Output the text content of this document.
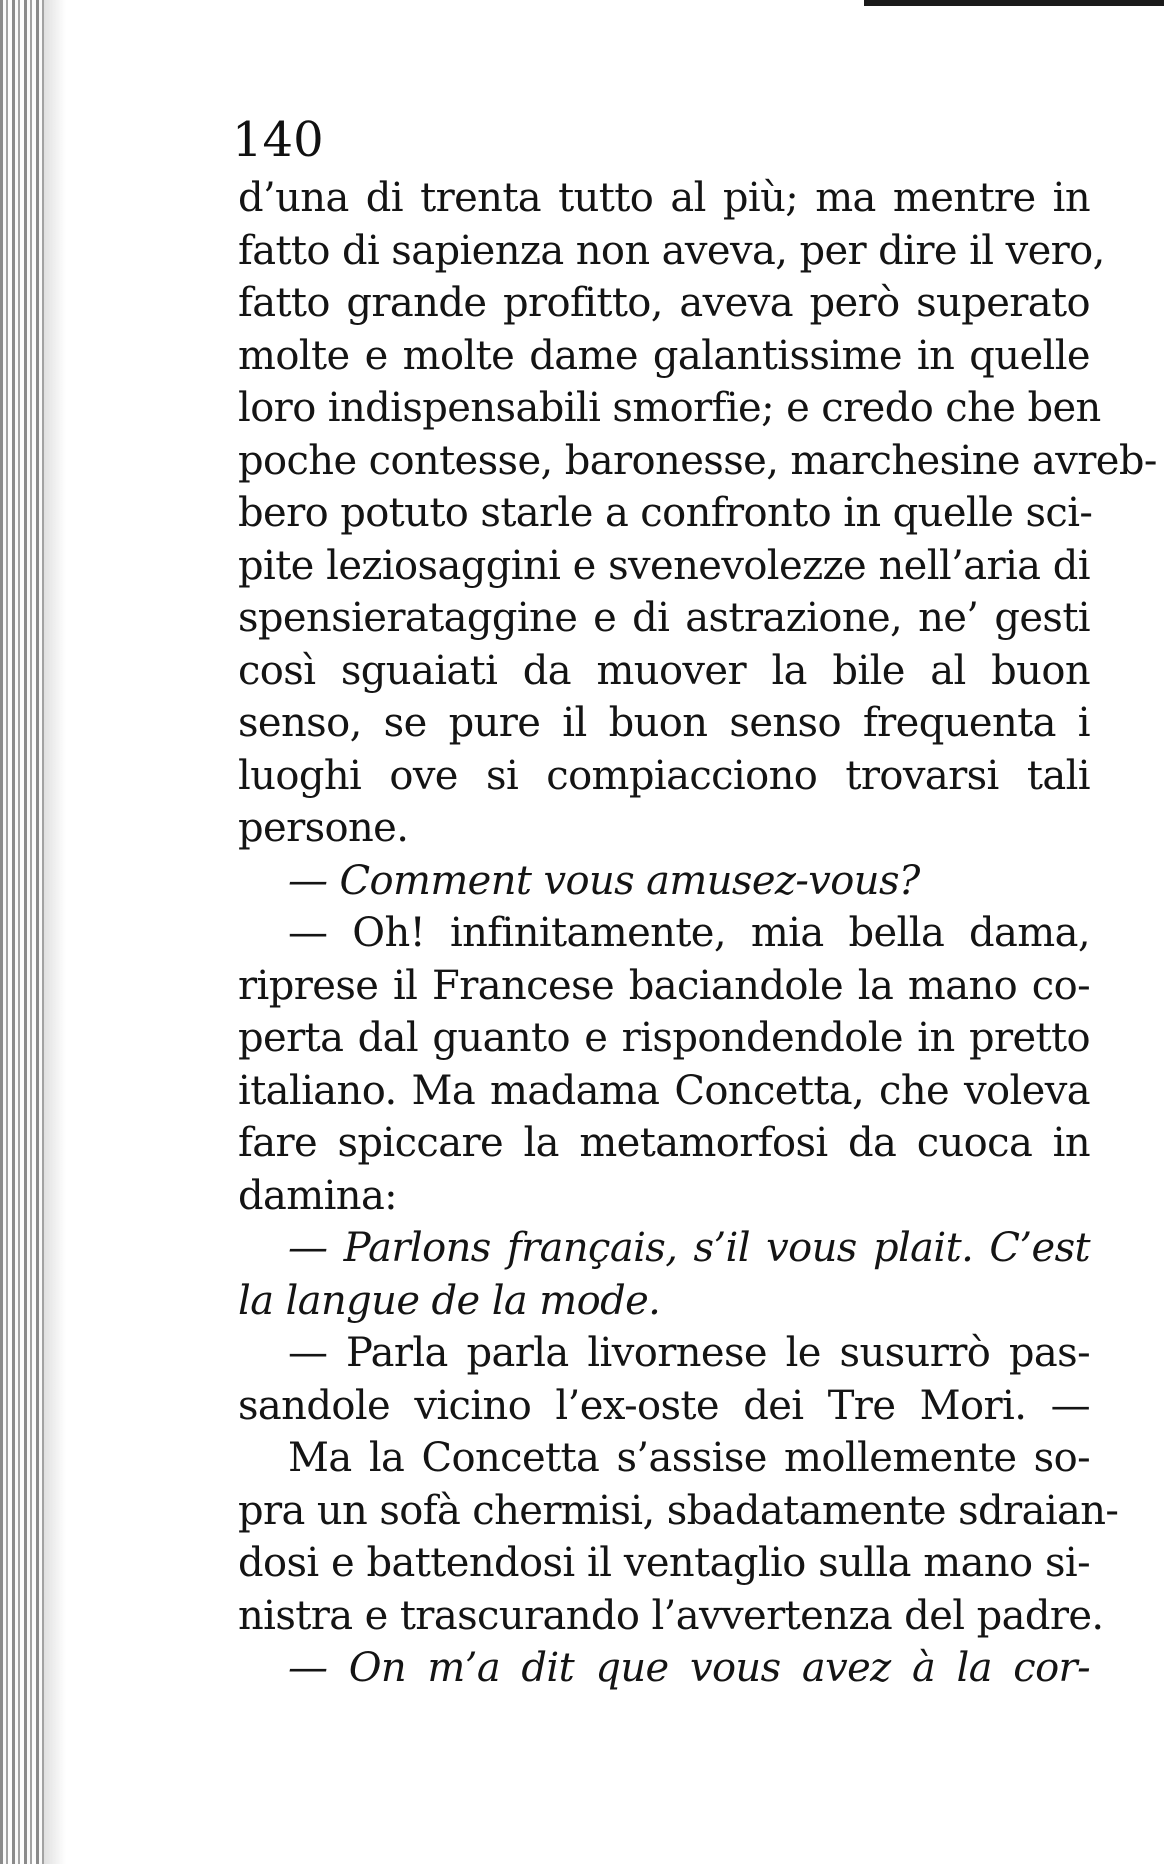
140
d’una di trenta tutto al più; ma mentre in
fatto di sapienza non aveva, per dire il vero,
fatto grande profitto, aveva però superato
molte e molte dame galantissime in quelle
loro indispensabili smorfie; e credo che ben
poche contesse, baronesse, marchesine avreb-
bero potuto starle a confronto in quelle sci-
pite leziosaggini e svenevolezze nell’aria di
spensierataggine e di astrazione, ne’ gesti
così sguaiati da muover la bile al buon
senso, se pure il buon senso frequenta i
luoghi ove si compiacciono trovarsi tali
persone.
— Comment vous amusez-vous?
— Oh! infinitamente, mia bella dama,
riprese il Francese baciandole la mano co-
perta dal guanto e rispondendole in pretto
italiano. Ma madama Concetta, che voleva
fare spiccare la metamorfosi da cuoca in
damina:
— Parlons français, s’il vous plait. C’est
la langue de la mode.
— Parla parla livornese le susurrò pas-
sandole vicino l’ex-oste dei Tre Mori. —
Ma la Concetta s’assise mollemente so-
pra un sofà chermisi, sbadatamente sdraian-
dosi e battendosi il ventaglio sulla mano si-
nistra e trascurando l’avvertenza del padre.
— On m’a dit que vous avez à la cor-
